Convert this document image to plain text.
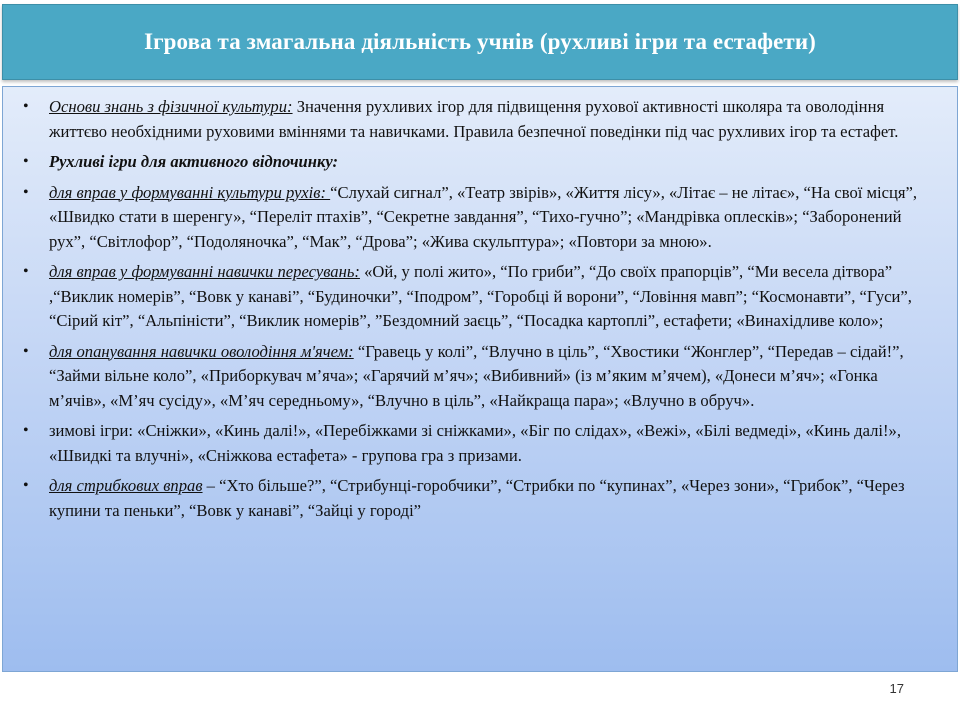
Ігрова та змагальна діяльність учнів (рухливі ігри та естафети)
• Основи знань з фізичної культури: Значення рухливих ігор для підвищення рухової активності школяра та оволодіння життєво необхідними руховими вміннями та навичками. Правила безпечної поведінки під час рухливих ігор та естафет.
• Рухливі ігри для активного відпочинку:
• для вправ у формуванні культури рухів: “Слухай сигнал”, «Театр звірів», «Життя лісу», «Літає – не літає», “На свої місця”, «Швидко стати в шеренгу», “Переліт птахів”, “Секретне завдання”, “Тихо-гучно”; «Мандрівка оплесків»; “Заборонений рух”, “Світлофор”, “Подоляночка”, “Мак”, “Дрова”; «Жива скульптура»; «Повтори за мною».
• для вправ у формуванні навички пересувань: «Ой, у полі жито», “По гриби”, “До своїх прапорців”, “Ми весела дітвора” ,“Виклик номерів”, “Вовк у канаві”, “Будиночки”, “Іподром”, “Горобці й ворони”, “Ловіння мавп”; “Космонавти”, “Гуси”, “Сірий кіт”, “Альпіністи”, “Виклик номерів”, ”Бездомний заєць”, “Посадка картоплі”, естафети; «Винахідливе коло»;
• для опанування навички оволодіння м'ячем: “Гравець у колі”, “Влучно в ціль”, “Хвостики “Жонглер”, “Передав – сідай!”, “Займи вільне коло”, «Приборкувач м’яча»; «Гарячий м’яч»; «Вибивний» (із м’яким м’ячем), «Донеси м’яч»; «Гонка м’ячів», «М’яч сусіду», «М’яч середньому», “Влучно в ціль”, «Найкраща пара»; «Влучно в обруч».
• зимові ігри: «Сніжки», «Кинь далі!», «Перебіжками зі сніжками», «Біг по слідах», «Вежі», «Білі ведмеді», «Кинь далі!», «Швидкі та влучні», «Сніжкова естафета» - групова гра з призами.
• для стрибкових вправ – “Хто більше?”, “Стрибунці-горобчики”, “Стрибки по “купинах”, «Через зони», “Грибок”, “Через купини та пеньки”, “Вовк у канаві”, “Зайці у городі”
17
